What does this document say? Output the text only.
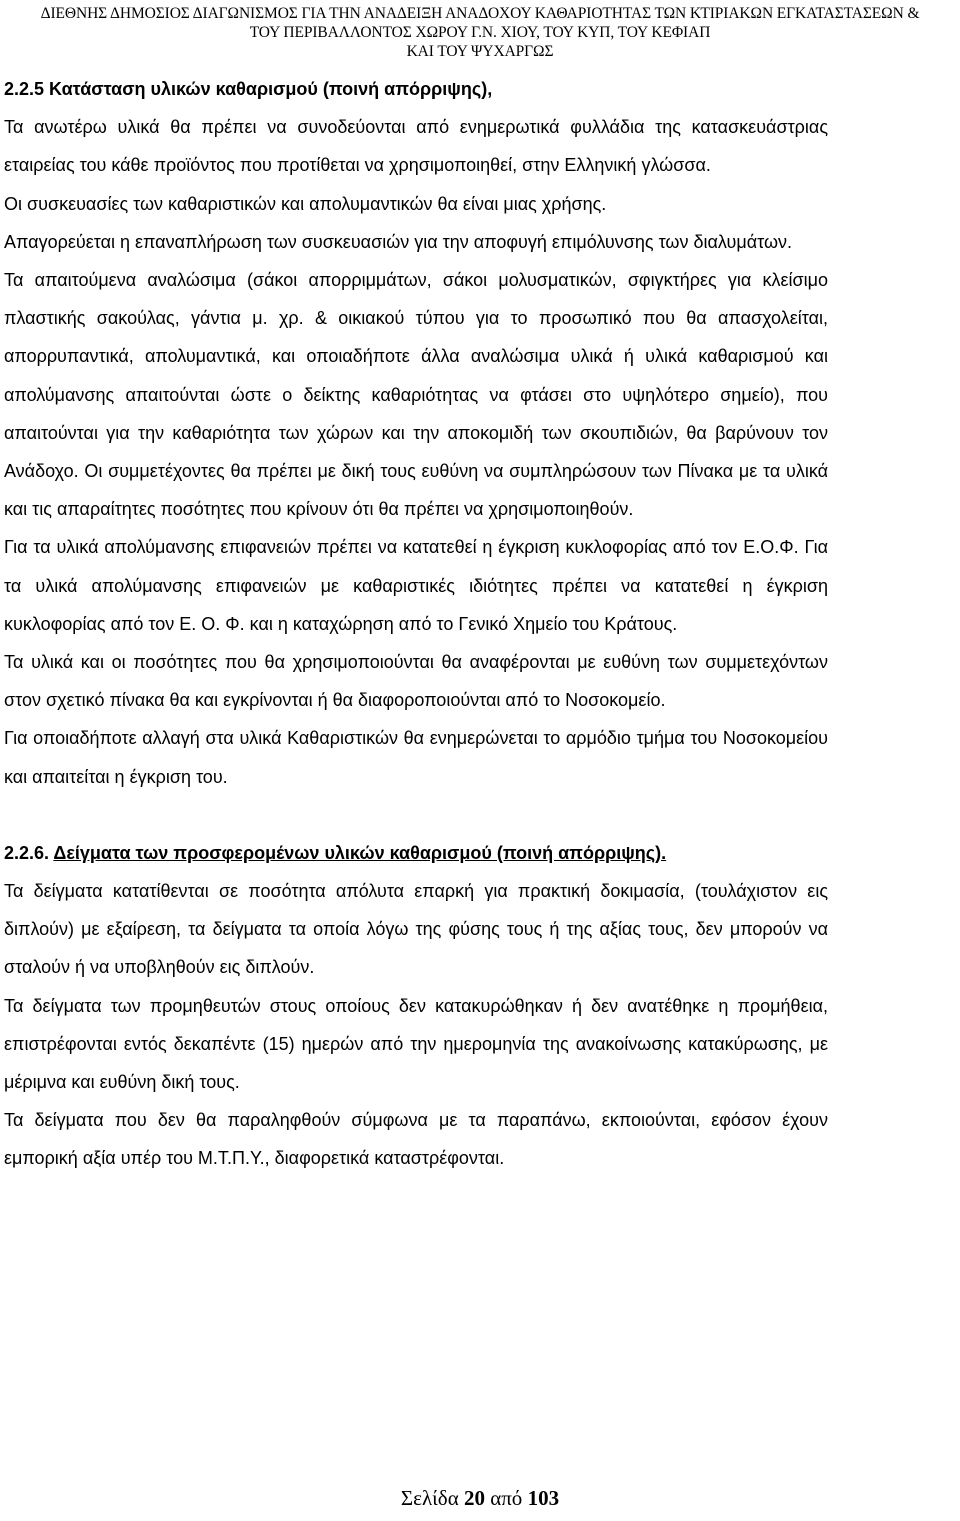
ΔΙΕΘΝΗΣ ΔΗΜΟΣΙΟΣ ΔΙΑΓΩΝΙΣΜΟΣ ΓΙΑ ΤΗΝ ΑΝΑΔΕΙΞΗ ΑΝΑΔΟΧΟΥ ΚΑΘΑΡΙΟΤΗΤΑΣ ΤΩΝ ΚΤΙΡΙΑΚΩΝ ΕΓΚΑΤΑΣΤΑΣΕΩΝ &
ΤΟΥ ΠΕΡΙΒΑΛΛΟΝΤΟΣ ΧΩΡΟΥ Γ.Ν. ΧΙΟΥ, ΤΟΥ ΚΥΠ, ΤΟΥ ΚΕΦΙΑΠ
ΚΑΙ ΤΟΥ ΨΥΧΑΡΓΩΣ

2.2.5 Κατάσταση υλικών καθαρισμού (ποινή απόρριψης),

Τα ανωτέρω υλικά θα πρέπει να συνοδεύονται από ενημερωτικά φυλλάδια της κατασκευάστριας εταιρείας του κάθε προϊόντος που προτίθεται να χρησιμοποιηθεί, στην Ελληνική γλώσσα.

Οι συσκευασίες των καθαριστικών και απολυμαντικών θα είναι μιας χρήσης.

Απαγορεύεται η επαναπλήρωση των συσκευασιών για την αποφυγή επιμόλυνσης των διαλυμάτων.

Τα απαιτούμενα αναλώσιμα (σάκοι απορριμμάτων, σάκοι μολυσματικών, σφιγκτήρες για κλείσιμο πλαστικής σακούλας, γάντια μ. χρ. & οικιακού τύπου για το προσωπικό που θα απασχολείται, απορρυπαντικά, απολυμαντικά, και οποιαδήποτε άλλα αναλώσιμα υλικά ή υλικά καθαρισμού και απολύμανσης απαιτούνται ώστε ο δείκτης καθαριότητας να φτάσει στο υψηλότερο σημείο), που απαιτούνται για την καθαριότητα των χώρων και την αποκομιδή των σκουπιδιών, θα βαρύνουν τον Ανάδοχο. Οι συμμετέχοντες θα πρέπει με δική τους ευθύνη να συμπληρώσουν των Πίνακα με τα υλικά και τις απαραίτητες ποσότητες που κρίνουν ότι θα πρέπει να χρησιμοποιηθούν.

Για τα υλικά απολύμανσης επιφανειών πρέπει να κατατεθεί η έγκριση κυκλοφορίας από τον Ε.Ο.Φ. Για τα υλικά απολύμανσης επιφανειών με καθαριστικές ιδιότητες πρέπει να κατατεθεί η έγκριση κυκλοφορίας από τον Ε. Ο. Φ. και η καταχώρηση από το Γενικό Χημείο του Κράτους.

Τα υλικά και οι ποσότητες που θα χρησιμοποιούνται θα αναφέρονται με ευθύνη των συμμετεχόντων στον σχετικό πίνακα θα και εγκρίνονται ή θα διαφοροποιούνται από το Νοσοκομείο.

Για οποιαδήποτε αλλαγή στα υλικά Καθαριστικών θα ενημερώνεται το αρμόδιο τμήμα του Νοσοκομείου και απαιτείται η έγκριση του.

2.2.6. Δείγματα των προσφερομένων υλικών καθαρισμού (ποινή απόρριψης).

Τα δείγματα κατατίθενται σε ποσότητα απόλυτα επαρκή για πρακτική δοκιμασία, (τουλάχιστον εις διπλούν) με εξαίρεση, τα δείγματα τα οποία λόγω της φύσης τους ή της αξίας τους, δεν μπορούν να σταλούν ή να υποβληθούν εις διπλούν.

Τα δείγματα των προμηθευτών στους οποίους δεν κατακυρώθηκαν ή δεν ανατέθηκε η προμήθεια, επιστρέφονται εντός δεκαπέντε (15) ημερών από την ημερομηνία της ανακοίνωσης κατακύρωσης, με μέριμνα και ευθύνη δική τους.

Τα δείγματα που δεν θα παραληφθούν σύμφωνα με τα παραπάνω, εκποιούνται, εφόσον έχουν εμπορική αξία υπέρ του Μ.Τ.Π.Υ., διαφορετικά καταστρέφονται.

Σελίδα 20 από 103
